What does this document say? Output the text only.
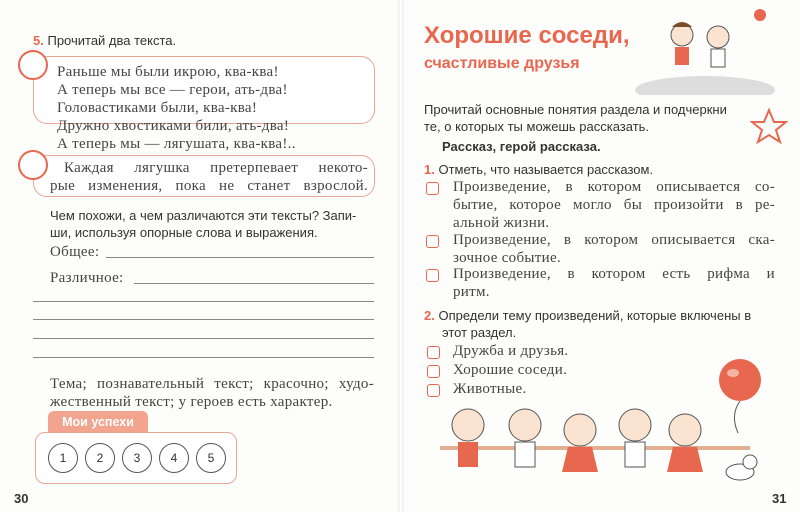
5. Прочитай два текста.
Раньше мы были икрою, ква-ква!
А теперь мы все — герои, ать-два!
Головастиками были, ква-ква!
Дружно хвостиками били, ать-два!
А теперь мы — лягушата, ква-ква!..
Каждая лягушка претерпевает некото-
рые изменения, пока не станет взрослой.
Чем похожи, а чем различаются эти тексты? Запи-
ши, используя опорные слова и выражения.
Общее:
Различное:
Тема; познавательный текст; красочно; худо-
жественный текст; у героев есть характер.
Мои успехи
1	2	3	4	5
30
Хорошие соседи,
счастливые друзья
Прочитай основные понятия раздела и подчеркни
те, о которых ты можешь рассказать.
Рассказ, герой рассказа.
1. Отметь, что называется рассказом.
Произведение, в котором описывается со-
бытие, которое могло бы произойти в ре-
альной жизни.
Произведение, в котором описывается ска-
зочное событие.
Произведение, в котором есть рифма и
ритм.
2. Определи тему произведений, которые включены в
этот раздел.
Дружба и друзья.
Хорошие соседи.
Животные.
31
